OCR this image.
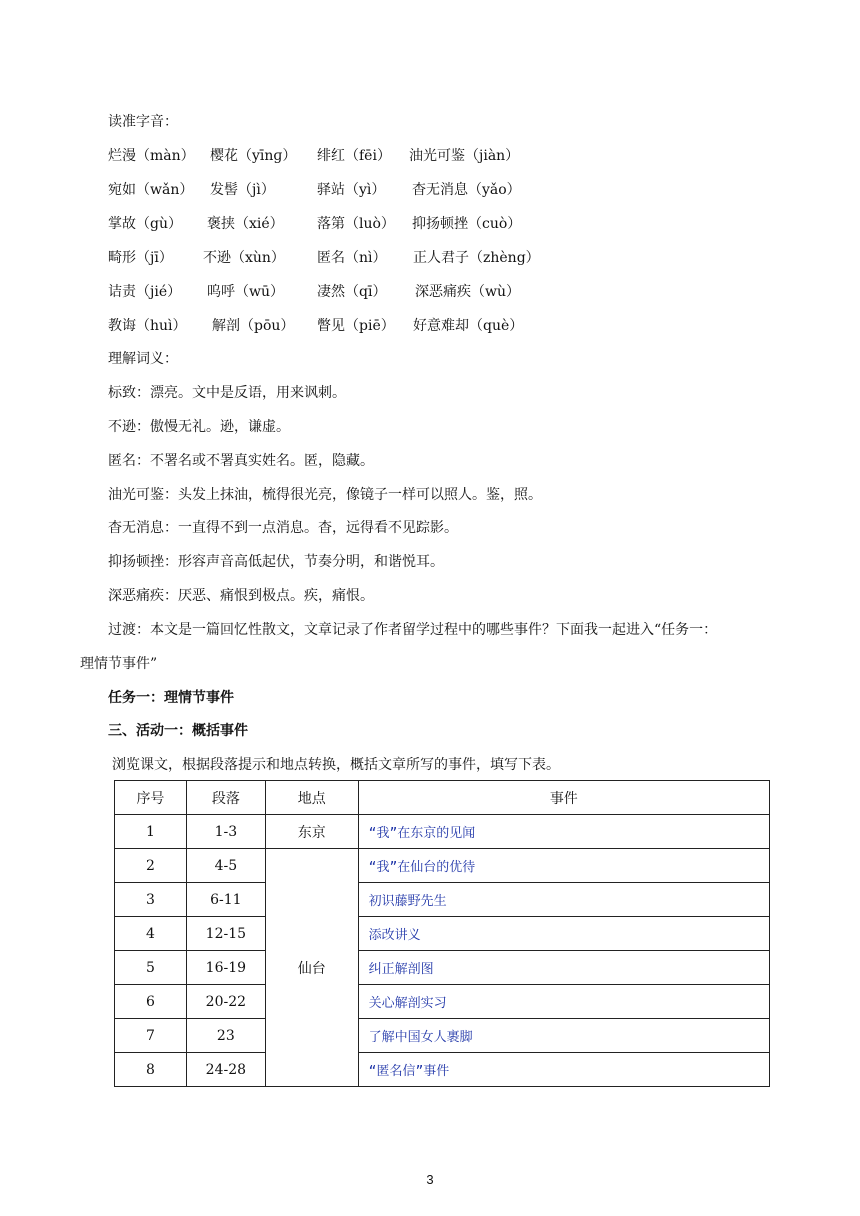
读准字音：
烂漫（màn） 樱花（yīnɡ） 绯红（fēi） 油光可鉴（jiàn）
宛如（wǎn） 发髻（jì）	驿站（yì） 杳无消息（yǎo）
掌故（gù） 褒挟（xié） 落第（luò） 抑扬顿挫（cuò）
畸形（jī） 不逊（xùn） 匿名（nì） 正人君子（zhèng）
诘责（jié） 呜呼（wū） 凄然（qī） 深恶痛疾（wù）
教诲（huì） 解剖（pōu） 瞥见（piē） 好意难却（què）
理解词义：
标致：漂亮。文中是反语，用来讽刺。
不逊：傲慢无礼。逊，谦虚。
匿名：不署名或不署真实姓名。匿，隐藏。
油光可鉴：头发上抹油，梳得很光亮，像镜子一样可以照人。鉴，照。
杳无消息：一直得不到一点消息。杳，远得看不见踪影。
抑扬顿挫：形容声音高低起伏，节奏分明，和谐悦耳。
深恶痛疾：厌恶、痛恨到极点。疾，痛恨。
过渡：本文是一篇回忆性散文，文章记录了作者留学过程中的哪些事件？下面我一起进入“任务一：
理情节事件”
任务一：理情节事件
三、活动一：概括事件
浏览课文，根据段落提示和地点转换，概括文章所写的事件，填写下表。
序号	段落	地点	事件
1	1-3	东京	“我”在东京的见闻
2	4-5	仙台	“我”在仙台的优待
3	6-11		初识藤野先生
4	12-15		添改讲义
5	16-19		纠正解剖图
6	20-22		关心解剖实习
7	23		了解中国女人裹脚
8	24-28		“匿名信”事件
3
